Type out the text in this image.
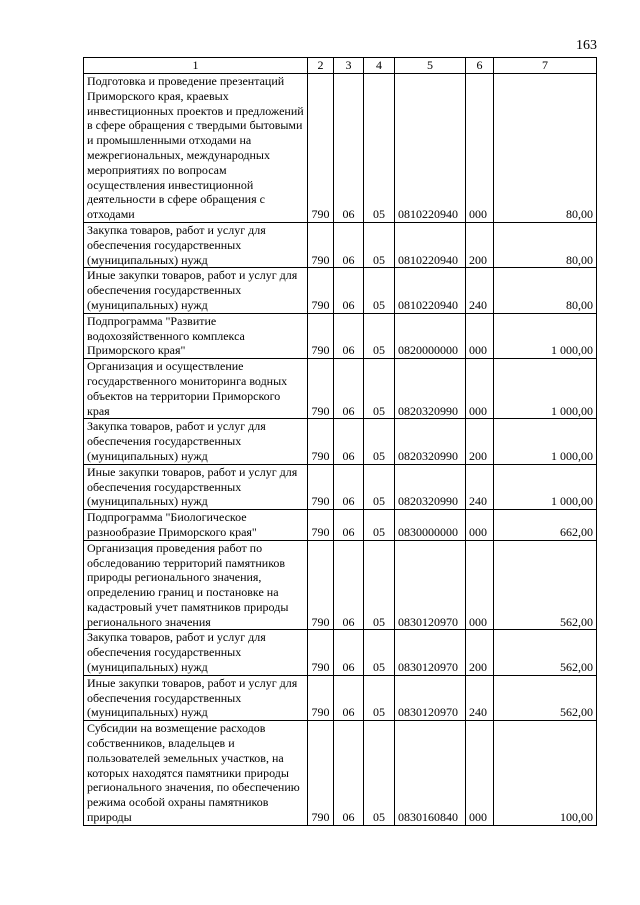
163
1	2	3	4	5	6	7
Подготовка и проведение презентаций Приморского края, краевых инвестиционных проектов и предложений в сфере обращения с твердыми бытовыми и промышленными отходами на межрегиональных, международных мероприятиях по вопросам осуществления инвестиционной деятельности в сфере обращения с отходами	790	06	05	0810220940	000	80,00
Закупка товаров, работ и услуг для обеспечения государственных (муниципальных) нужд	790	06	05	0810220940	200	80,00
Иные закупки товаров, работ и услуг для обеспечения государственных (муниципальных) нужд	790	06	05	0810220940	240	80,00
Подпрограмма "Развитие водохозяйственного комплекса Приморского края"	790	06	05	0820000000	000	1 000,00
Организация и осуществление государственного мониторинга водных объектов на территории Приморского края	790	06	05	0820320990	000	1 000,00
Закупка товаров, работ и услуг для обеспечения государственных (муниципальных) нужд	790	06	05	0820320990	200	1 000,00
Иные закупки товаров, работ и услуг для обеспечения государственных (муниципальных) нужд	790	06	05	0820320990	240	1 000,00
Подпрограмма "Биологическое разнообразие Приморского края"	790	06	05	0830000000	000	662,00
Организация проведения работ по обследованию территорий памятников природы регионального значения, определению границ и постановке на кадастровый учет памятников природы регионального значения	790	06	05	0830120970	000	562,00
Закупка товаров, работ и услуг для обеспечения государственных (муниципальных) нужд	790	06	05	0830120970	200	562,00
Иные закупки товаров, работ и услуг для обеспечения государственных (муниципальных) нужд	790	06	05	0830120970	240	562,00
Субсидии на возмещение расходов собственников, владельцев и пользователей земельных участков, на которых находятся памятники природы регионального значения, по обеспечению режима особой охраны памятников природы	790	06	05	0830160840	000	100,00
